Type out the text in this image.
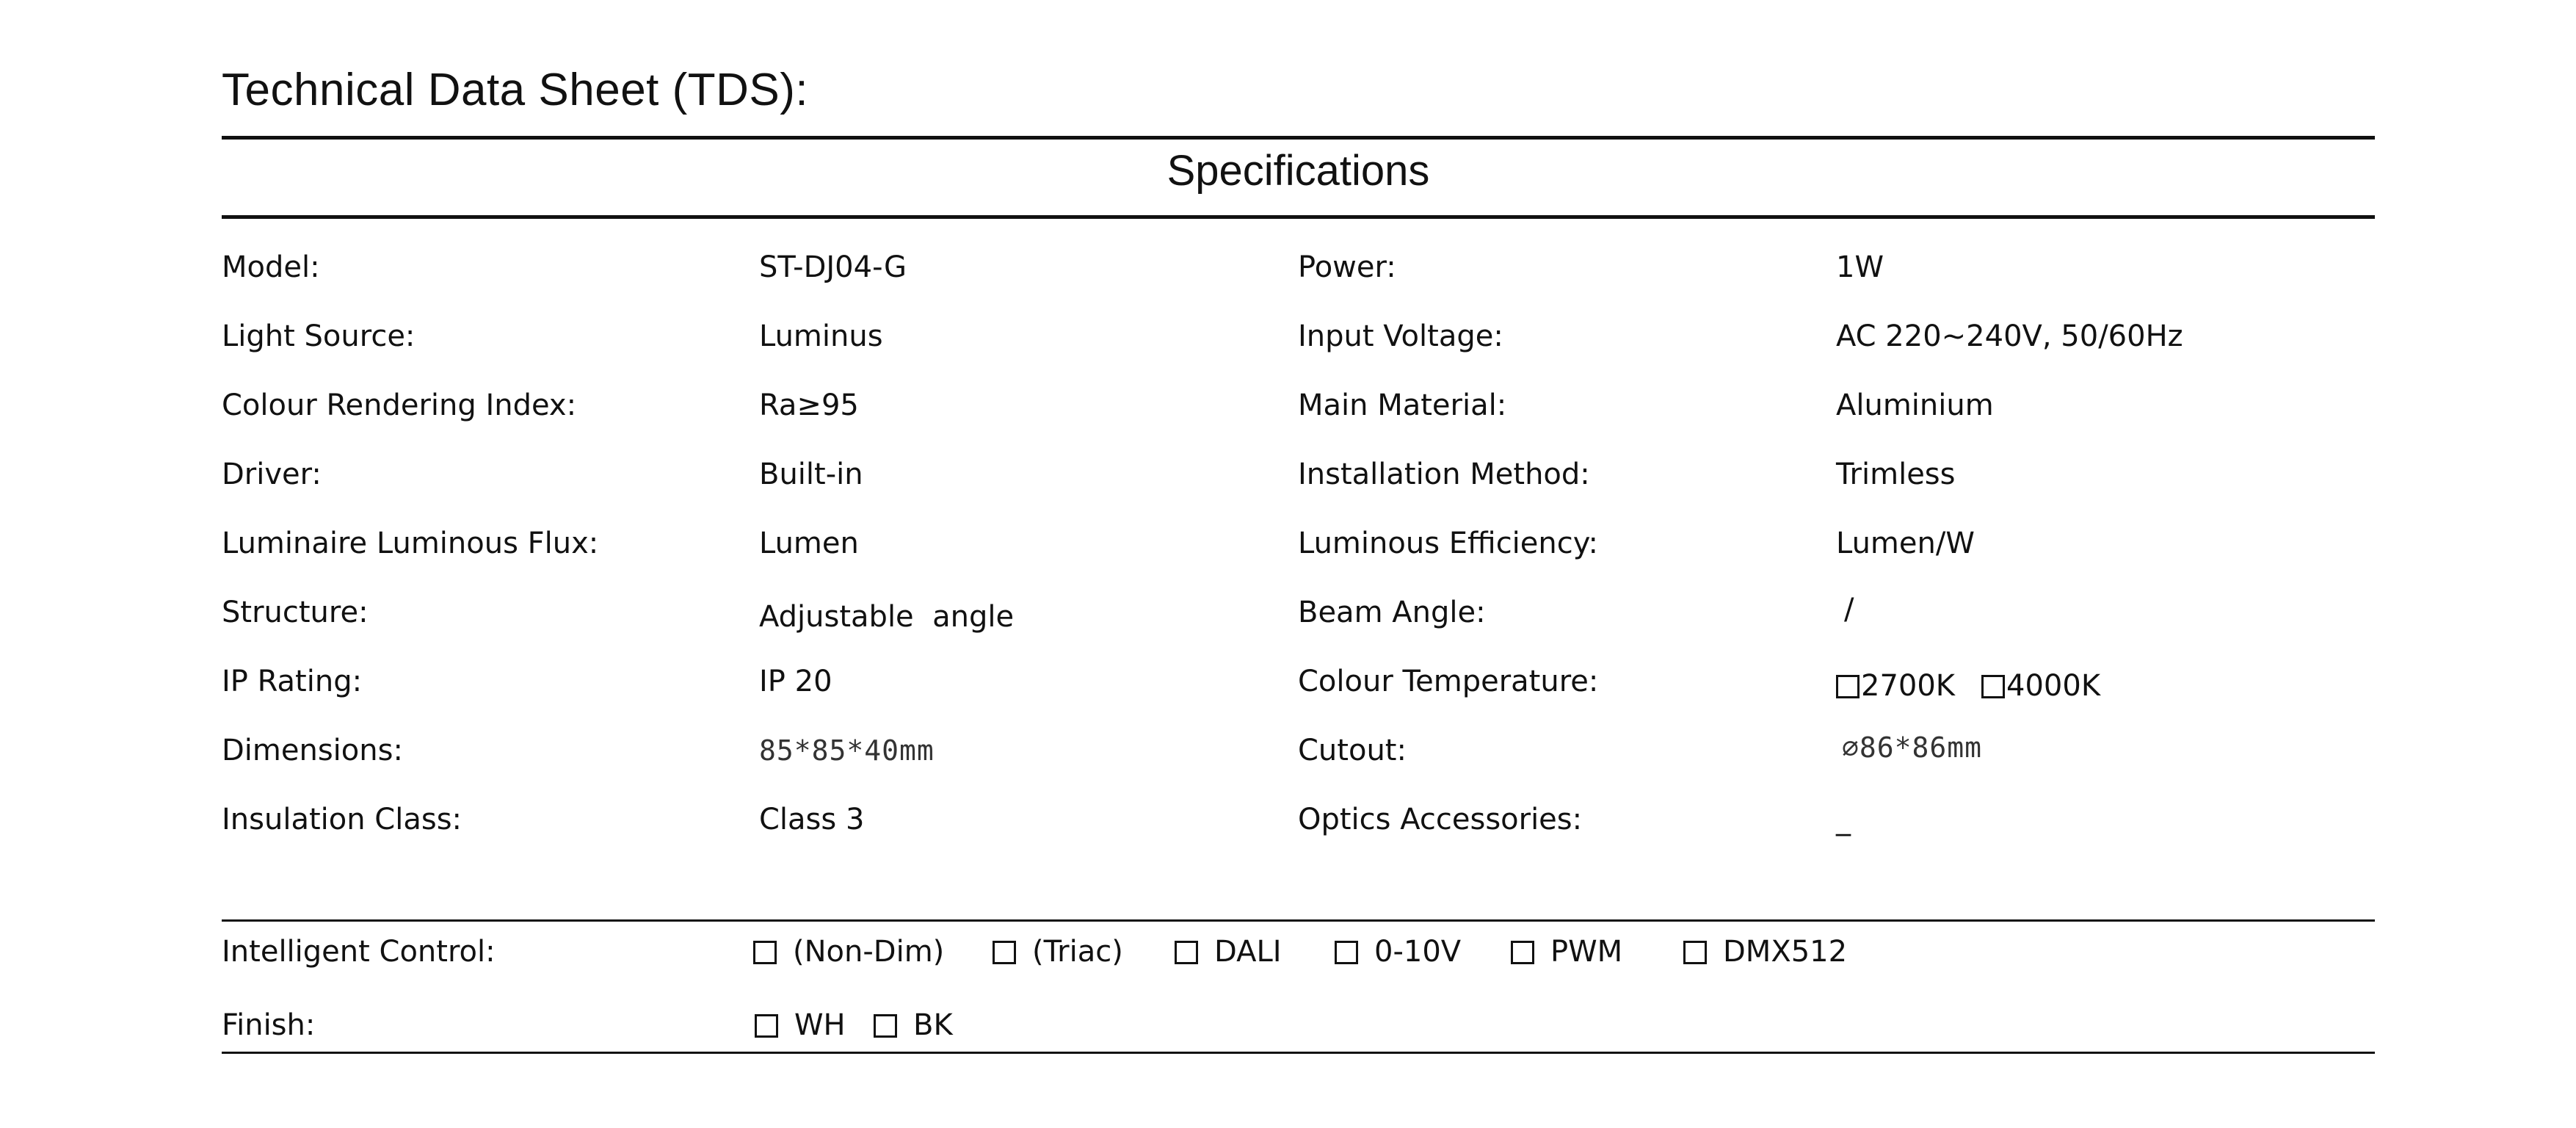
Technical Data Sheet (TDS):
Specifications
Model:	ST-DJ04-G	Power:	1W
Light Source:	Luminus	Input Voltage:	AC 220~240V, 50/60Hz
Colour Rendering Index:	Ra≥95	Main Material:	Aluminium
Driver:	Built-in	Installation Method:	Trimless
Luminaire Luminous Flux:	Lumen	Luminous Efficiency:	Lumen/W
Structure:	Adjustable  angle	Beam Angle:	/
IP Rating:	IP 20	Colour Temperature:	2700K 4000K
Dimensions:	85*85*40mm	Cutout:	∅86*86mm
Insulation Class:	Class 3	Optics Accessories:	_
Intelligent Control:	(Non-Dim)	(Triac)	DALI	0-10V	PWM	DMX512
Finish:	WH	BK
